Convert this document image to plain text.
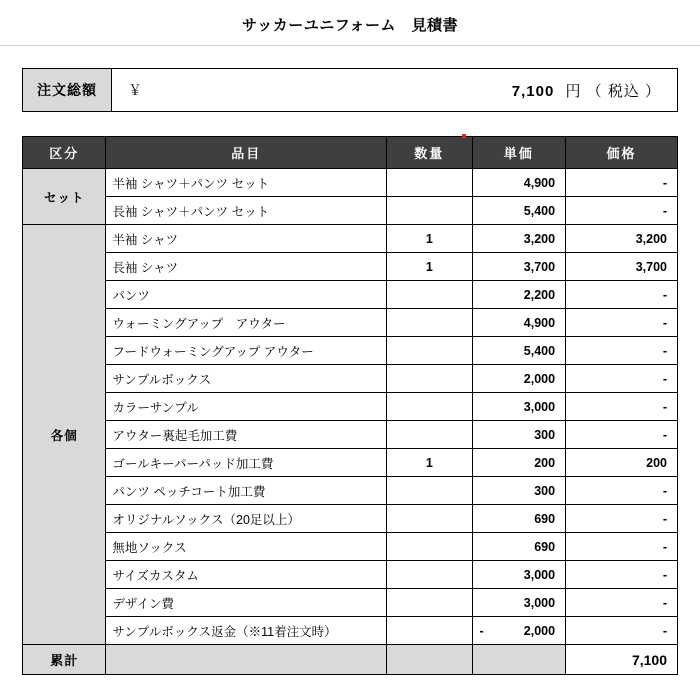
サッカーユニフォーム　見積書
注文総額	￥	7,100 円 （ 税込 ）
区分	品目	数量	単価	価格
セット	半袖 シャツ＋パンツ セット		4,900	-
	長袖 シャツ＋パンツ セット		5,400	-
各個	半袖 シャツ	1	3,200	3,200
	長袖 シャツ	1	3,700	3,700
	パンツ		2,200	-
	ウォーミングアップ　アウター		4,900	-
	フードウォーミングアップ アウター		5,400	-
	サンプルボックス		2,000	-
	カラーサンプル		3,000	-
	アウター裏起毛加工費		300	-
	ゴールキーパーパッド加工費	1	200	200
	パンツ ペッチコート加工費		300	-
	オリジナルソックス（20足以上）		690	-
	無地ソックス		690	-
	サイズカスタム		3,000	-
	デザイン費		3,000	-
	サンプルボックス返金（※11着注文時）		- 2,000	-
累計				7,100
